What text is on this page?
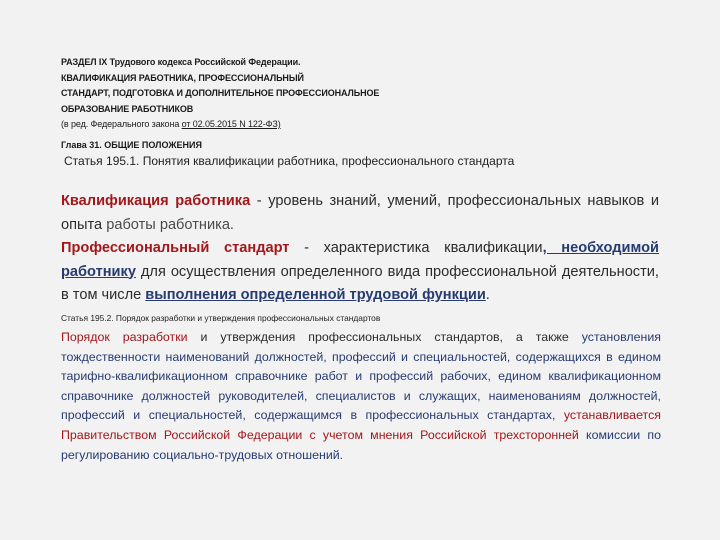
РАЗДЕЛ IX Трудового кодекса Российской Федерации.
КВАЛИФИКАЦИЯ РАБОТНИКА, ПРОФЕССИОНАЛЬНЫЙ
СТАНДАРТ, ПОДГОТОВКА И ДОПОЛНИТЕЛЬНОЕ ПРОФЕССИОНАЛЬНОЕ
ОБРАЗОВАНИЕ РАБОТНИКОВ
(в ред. Федерального закона от 02.05.2015 N 122-ФЗ)
Глава 31. ОБЩИЕ ПОЛОЖЕНИЯ
Статья 195.1. Понятия квалификации работника, профессионального стандарта
Квалификация работника - уровень знаний, умений, профессиональных навыков и опыта работы работника.
Профессиональный стандарт - характеристика квалификации, необходимой работнику для осуществления определенного вида профессиональной деятельности, в том числе выполнения определенной трудовой функции.
Статья 195.2. Порядок разработки и утверждения профессиональных стандартов
Порядок разработки и утверждения профессиональных стандартов, а также установления тождественности наименований должностей, профессий и специальностей, содержащихся в едином тарифно-квалификационном справочнике работ и профессий рабочих, едином квалификационном справочнике должностей руководителей, специалистов и служащих, наименованиям должностей, профессий и специальностей, содержащимся в профессиональных стандартах, устанавливается Правительством Российской Федерации с учетом мнения Российской трехсторонней комиссии по регулированию социально-трудовых отношений.
